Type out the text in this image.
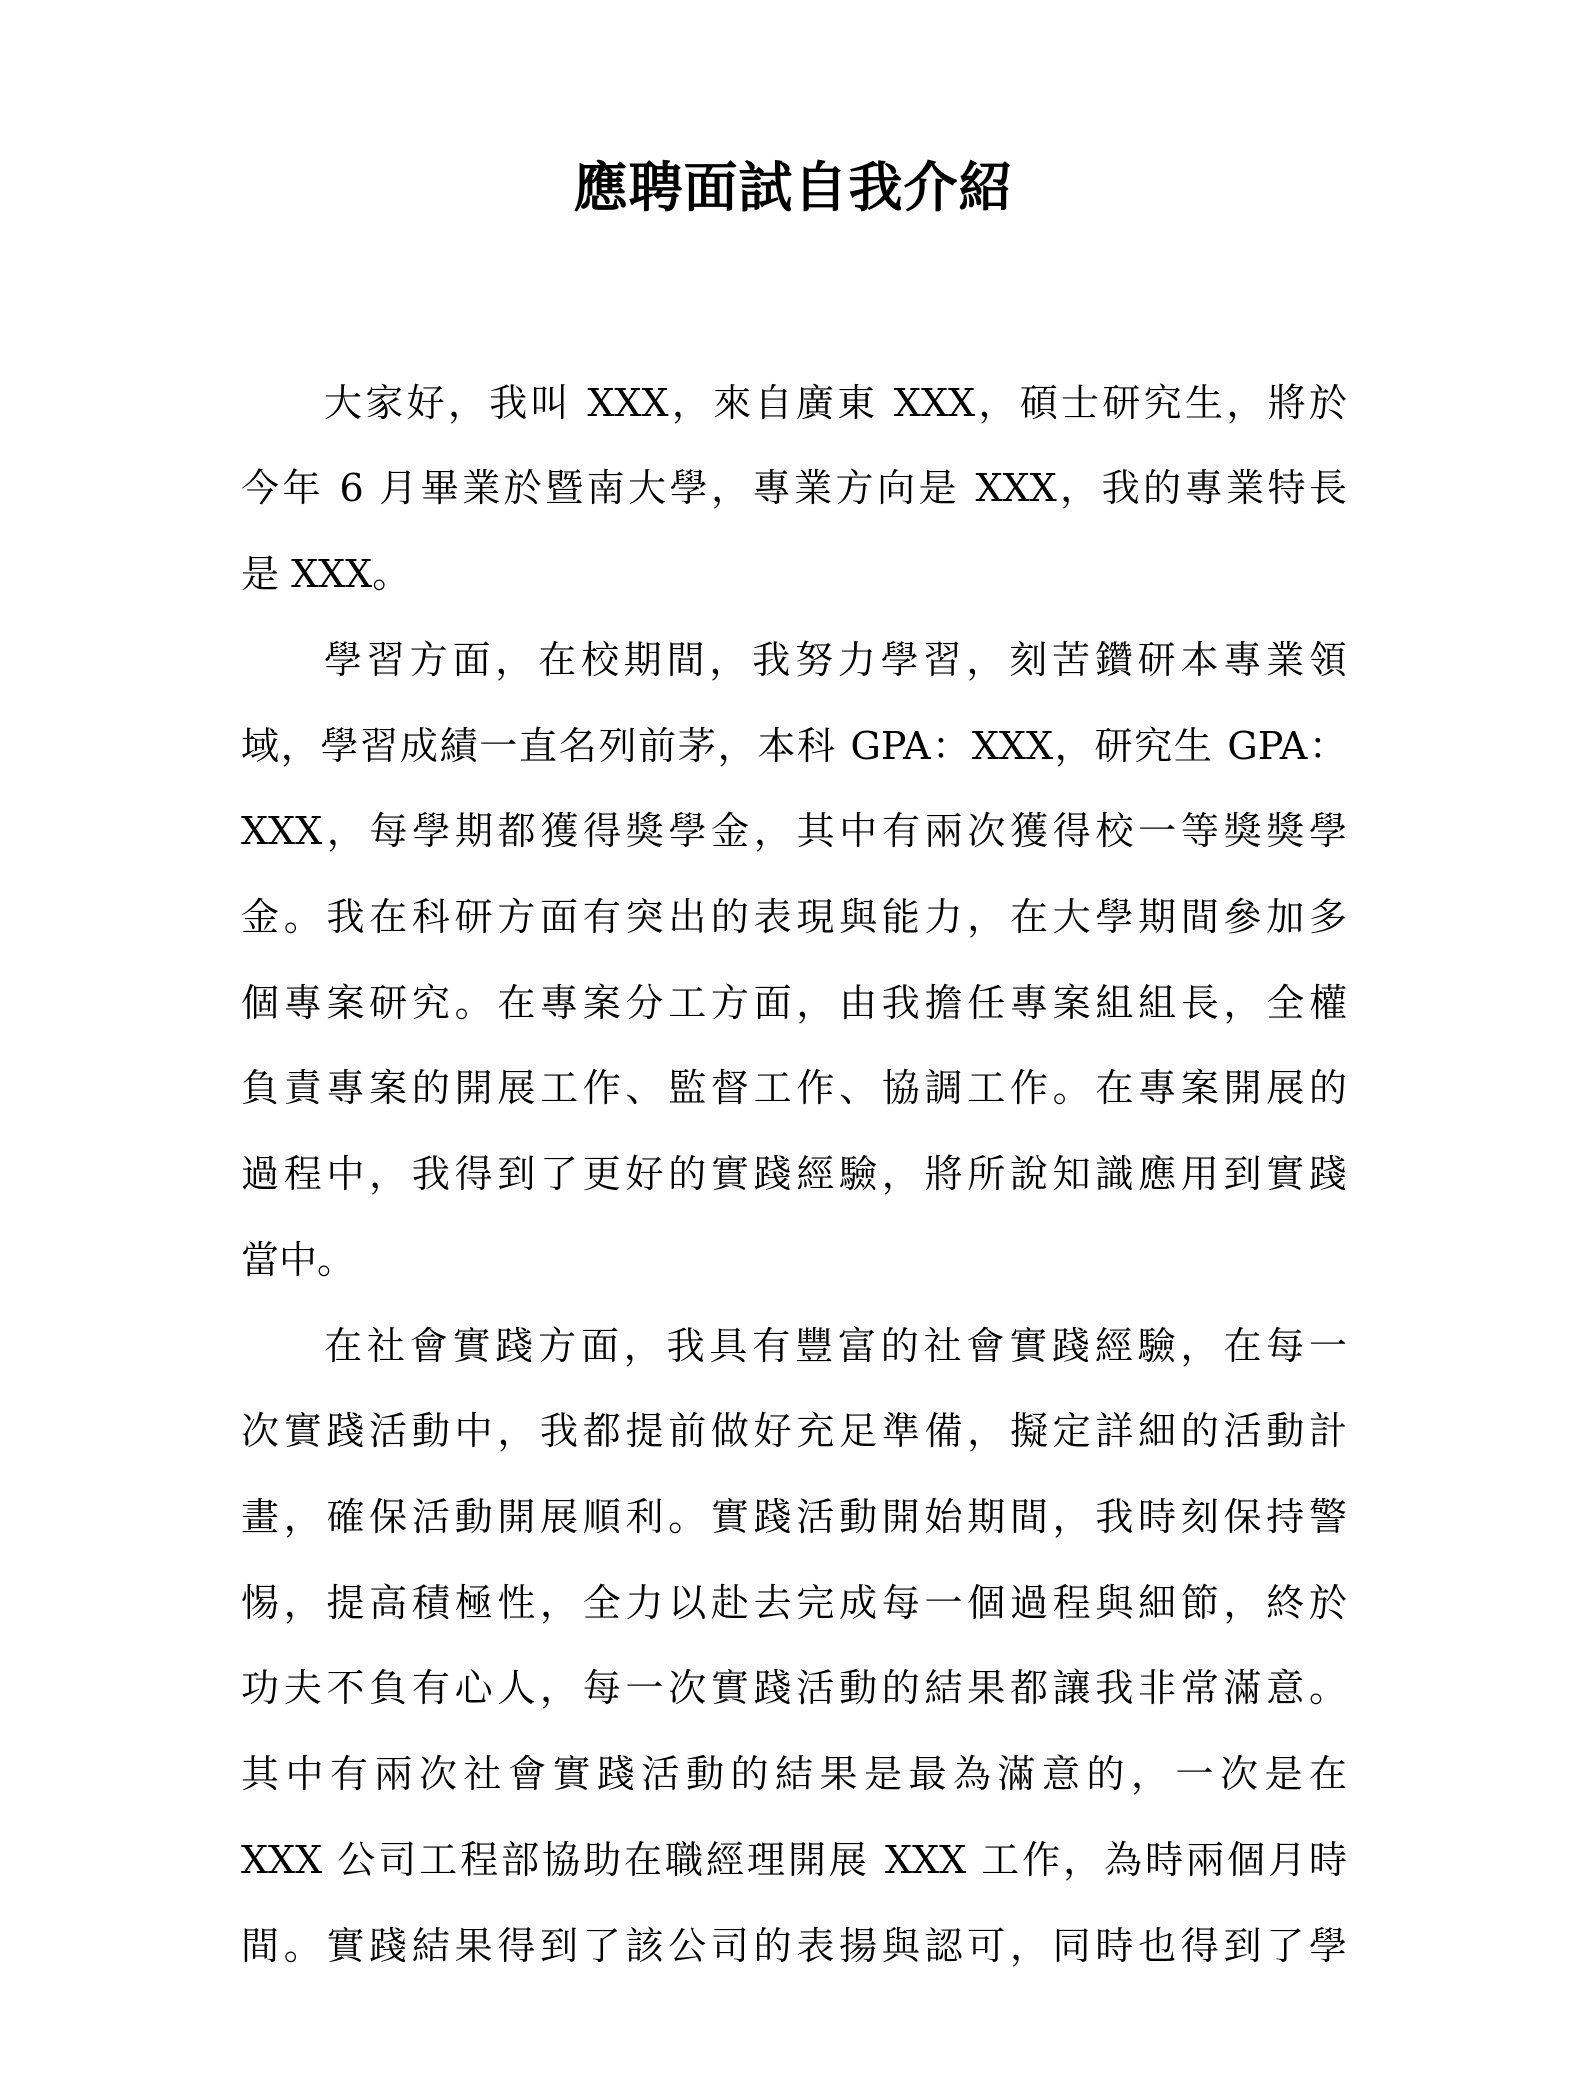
應聘面試自我介紹
大家好，我叫 XXX，來自廣東 XXX，碩士研究生，將於
今年 6 月畢業於暨南大學，專業方向是 XXX，我的專業特長
是 XXX。
學習方面，在校期間，我努力學習，刻苦鑽研本專業領
域，學習成績一直名列前茅，本科 GPA：XXX，研究生 GPA：
XXX，每學期都獲得獎學金，其中有兩次獲得校一等獎獎學
金。我在科研方面有突出的表現與能力，在大學期間參加多
個專案研究。在專案分工方面，由我擔任專案組組長，全權
負責專案的開展工作、監督工作、協調工作。在專案開展的
過程中，我得到了更好的實踐經驗，將所說知識應用到實踐
當中。
在社會實踐方面，我具有豐富的社會實踐經驗，在每一
次實踐活動中，我都提前做好充足準備，擬定詳細的活動計
畫，確保活動開展順利。實踐活動開始期間，我時刻保持警
惕，提高積極性，全力以赴去完成每一個過程與細節，終於
功夫不負有心人，每一次實踐活動的結果都讓我非常滿意。
其中有兩次社會實踐活動的結果是最為滿意的，一次是在
XXX 公司工程部協助在職經理開展 XXX 工作，為時兩個月時
間。實踐結果得到了該公司的表揚與認可，同時也得到了學
